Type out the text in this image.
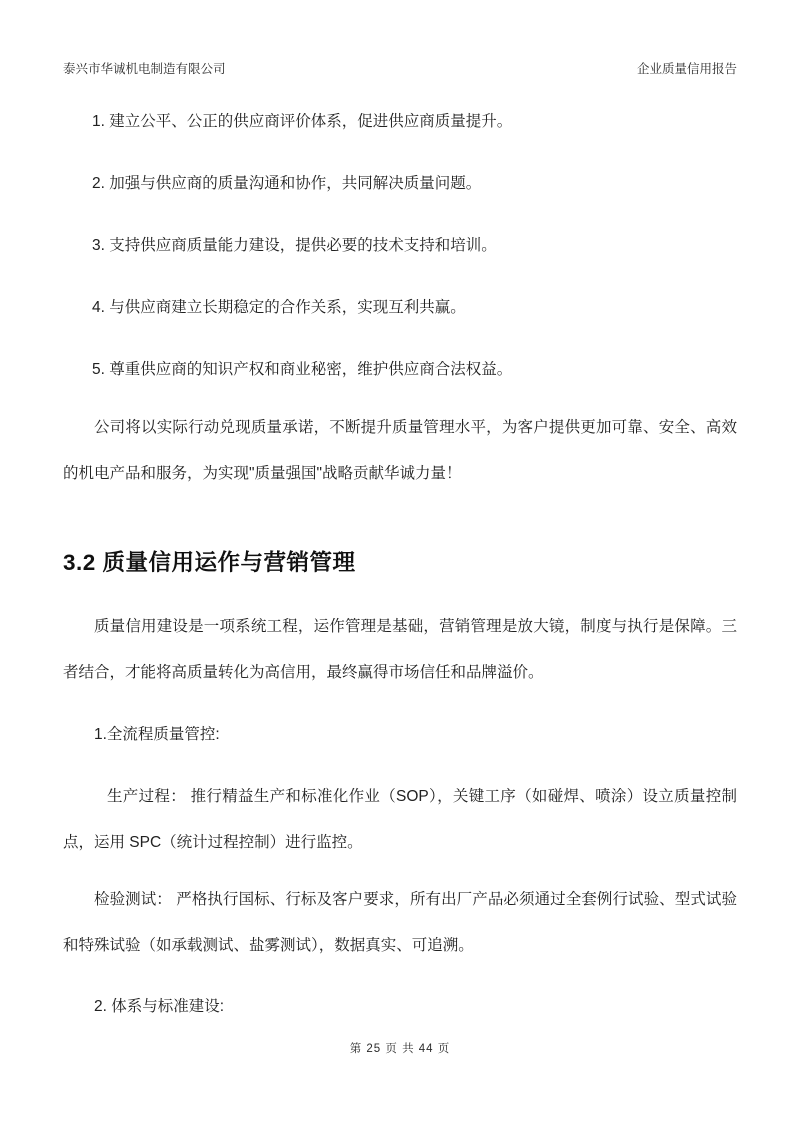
泰兴市华诚机电制造有限公司	企业质量信用报告

1. 建立公平、公正的供应商评价体系，促进供应商质量提升。

2. 加强与供应商的质量沟通和协作，共同解决质量问题。

3. 支持供应商质量能力建设，提供必要的技术支持和培训。

4. 与供应商建立长期稳定的合作关系，实现互利共赢。

5. 尊重供应商的知识产权和商业秘密，维护供应商合法权益。

公司将以实际行动兑现质量承诺，不断提升质量管理水平，为客户提供更加可靠、安全、高效的机电产品和服务，为实现"质量强国"战略贡献华诚力量！

3.2 质量信用运作与营销管理

质量信用建设是一项系统工程，运作管理是基础，营销管理是放大镜，制度与执行是保障。三者结合，才能将高质量转化为高信用，最终赢得市场信任和品牌溢价。

1.全流程质量管控:

生产过程： 推行精益生产和标准化作业（SOP），关键工序（如碰焊、喷涂）设立质量控制点，运用 SPC（统计过程控制）进行监控。

检验测试： 严格执行国标、行标及客户要求，所有出厂产品必须通过全套例行试验、型式试验和特殊试验（如承载测试、盐雾测试），数据真实、可追溯。

2. 体系与标准建设:

第 25 页 共 44 页
